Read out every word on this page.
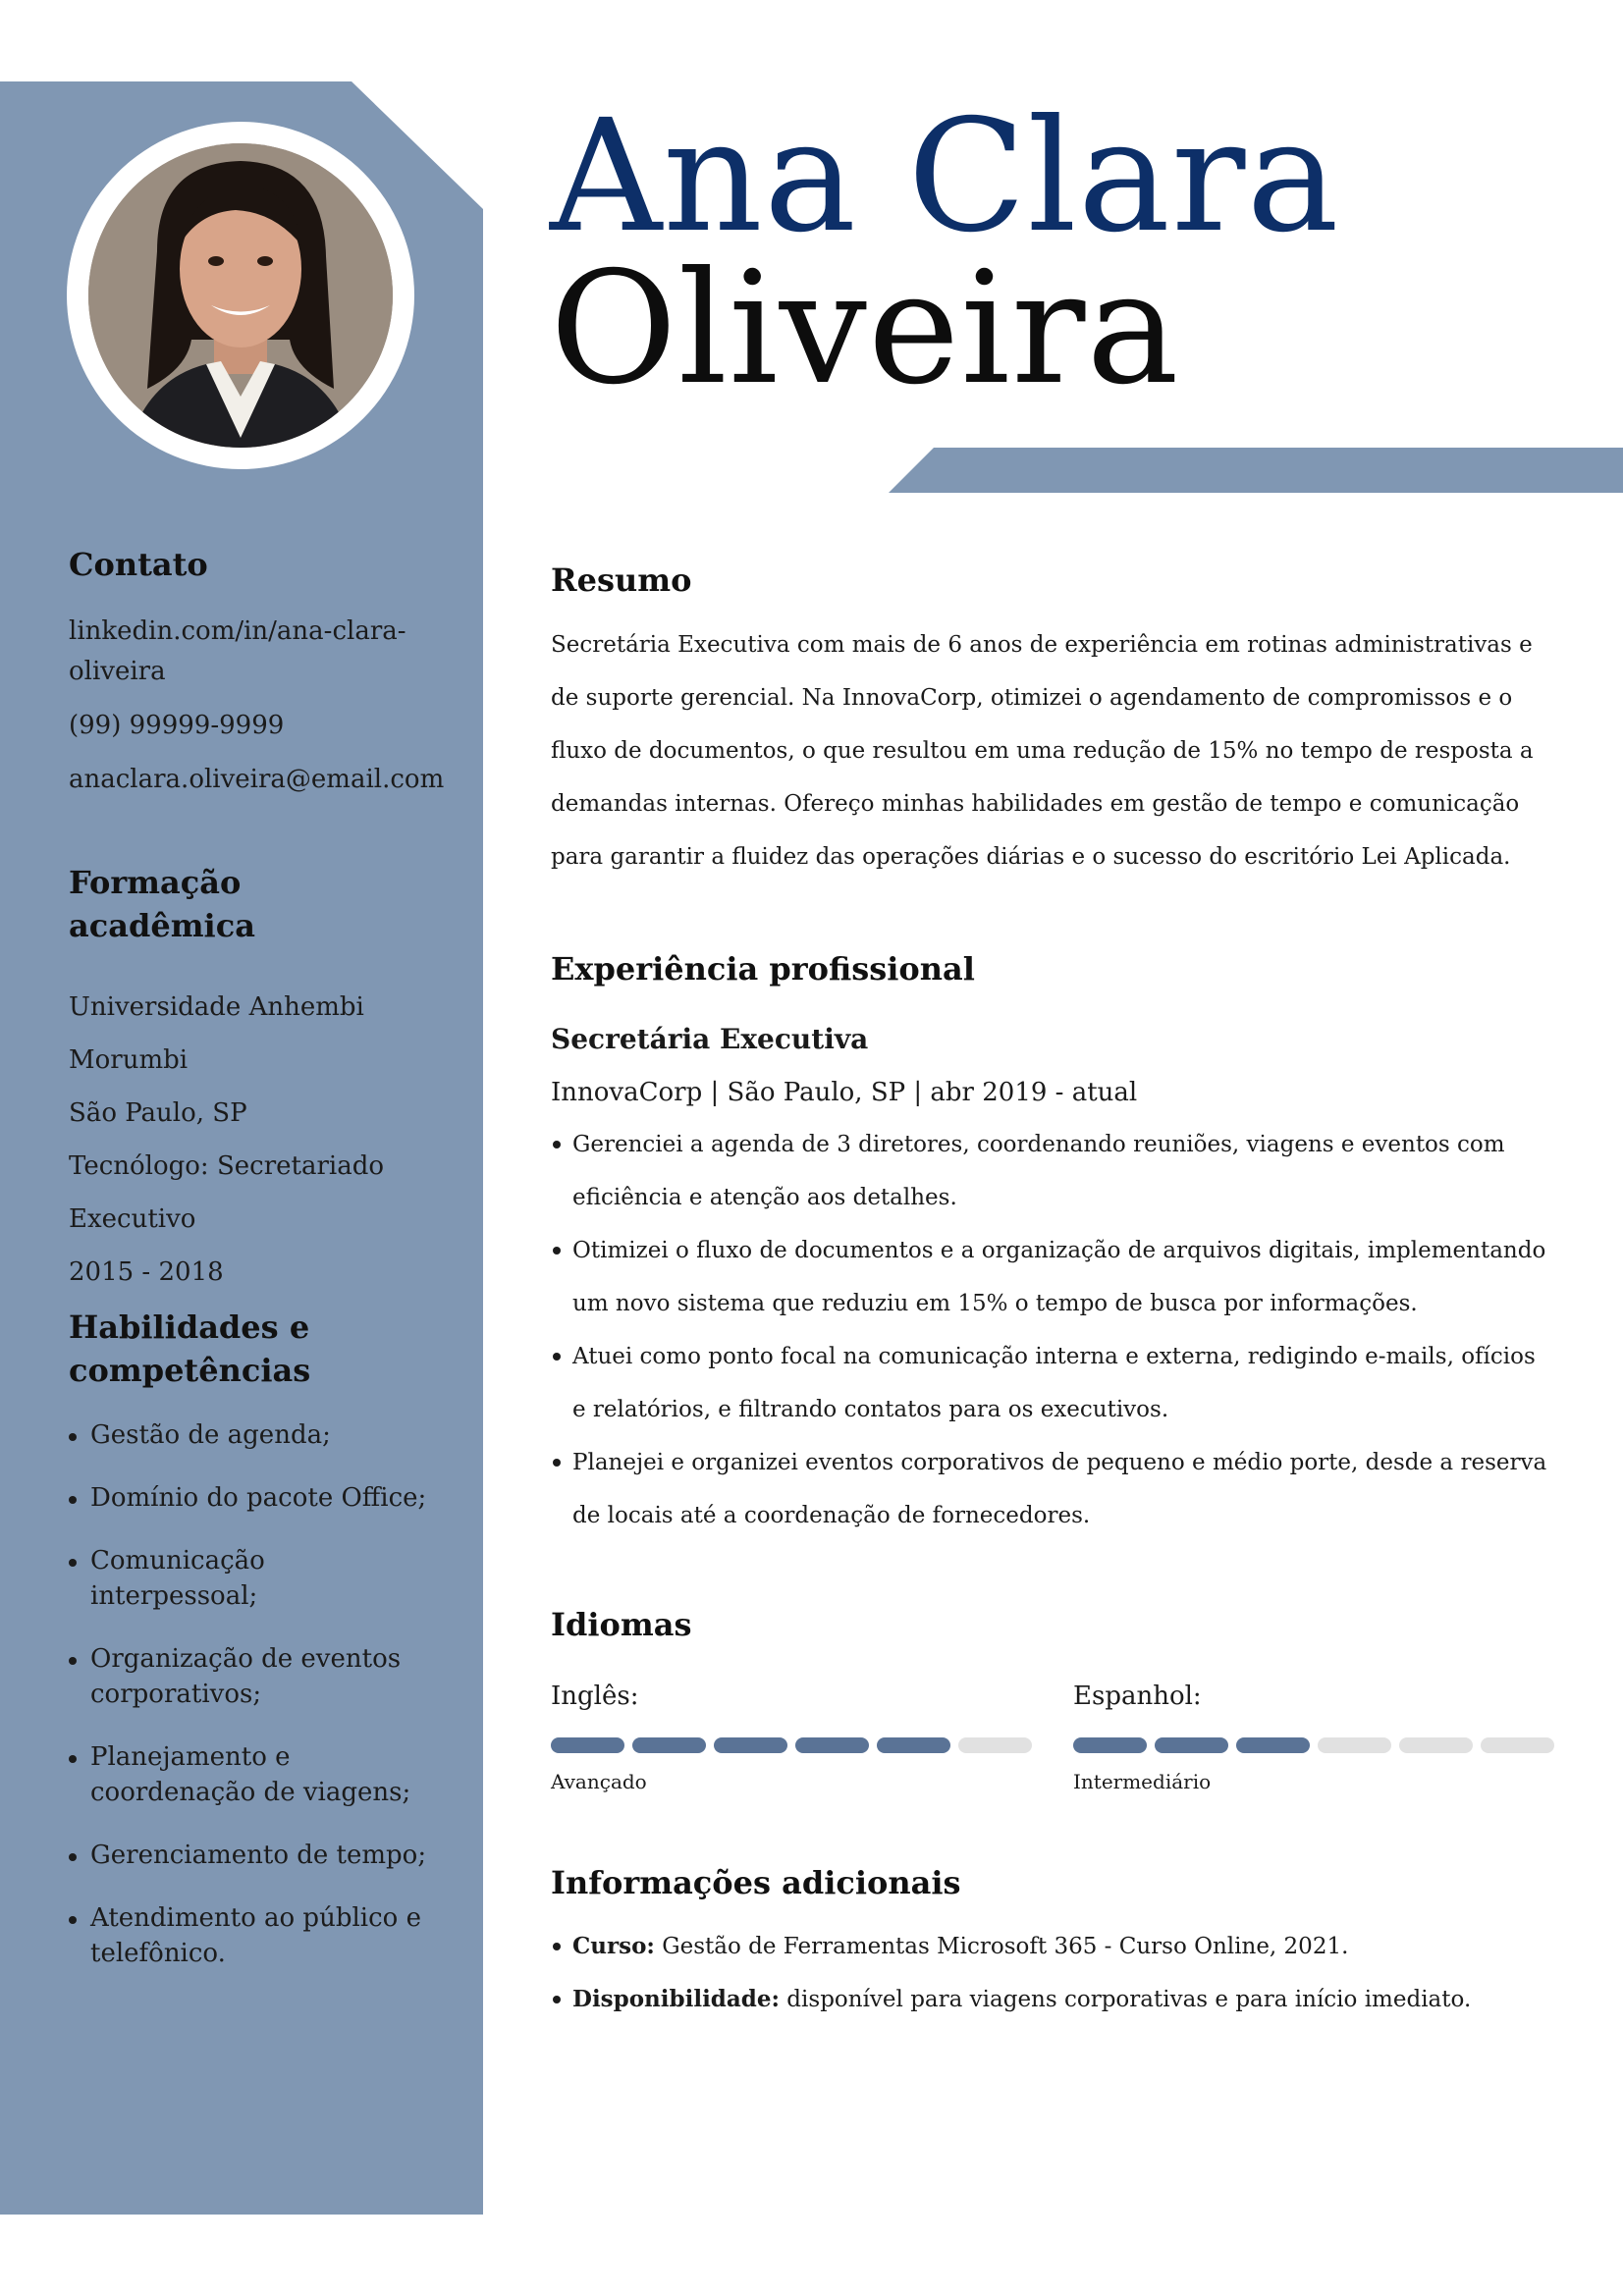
Contato
linkedin.com/in/ana-clara-
oliveira
(99) 99999-9999
anaclara.oliveira@email.com
Formação acadêmica
Universidade Anhembi
Morumbi
São Paulo, SP
Tecnólogo: Secretariado
Executivo
2015 - 2018
Habilidades e
competências
Gestão de agenda;
Domínio do pacote Office;
Comunicação interpessoal;
Organização de eventos corporativos;
Planejamento e coordenação de viagens;
Gerenciamento de tempo;
Atendimento ao público e telefônico.
Ana Clara
Oliveira
Resumo

Secretária Executiva com mais de 6 anos de experiência em rotinas administrativas e de suporte gerencial. Na InnovaCorp, otimizei o agendamento de compromissos e o fluxo de documentos, o que resultou em uma redução de 15% no tempo de resposta a demandas internas. Ofereço minhas habilidades em gestão de tempo e comunicação para garantir a fluidez das operações diárias e o sucesso do escritório Lei Aplicada.

Experiência profissional

Secretária Executiva

InnovaCorp | São Paulo, SP | abr 2019 - atual

Gerenciei a agenda de 3 diretores, coordenando reuniões, viagens e eventos com eficiência e atenção aos detalhes.
Otimizei o fluxo de documentos e a organização de arquivos digitais, implementando um novo sistema que reduziu em 15% o tempo de busca por informações.
Atuei como ponto focal na comunicação interna e externa, redigindo e-mails, ofícios e relatórios, e filtrando contatos para os executivos.
Planejei e organizei eventos corporativos de pequeno e médio porte, desde a reserva de locais até a coordenação de fornecedores.
Idiomas
Inglês:
Avançado
Espanhol:
Intermediário
Informações adicionais
Curso: Gestão de Ferramentas Microsoft 365 - Curso Online, 2021.
Disponibilidade: disponível para viagens corporativas e para início imediato.
